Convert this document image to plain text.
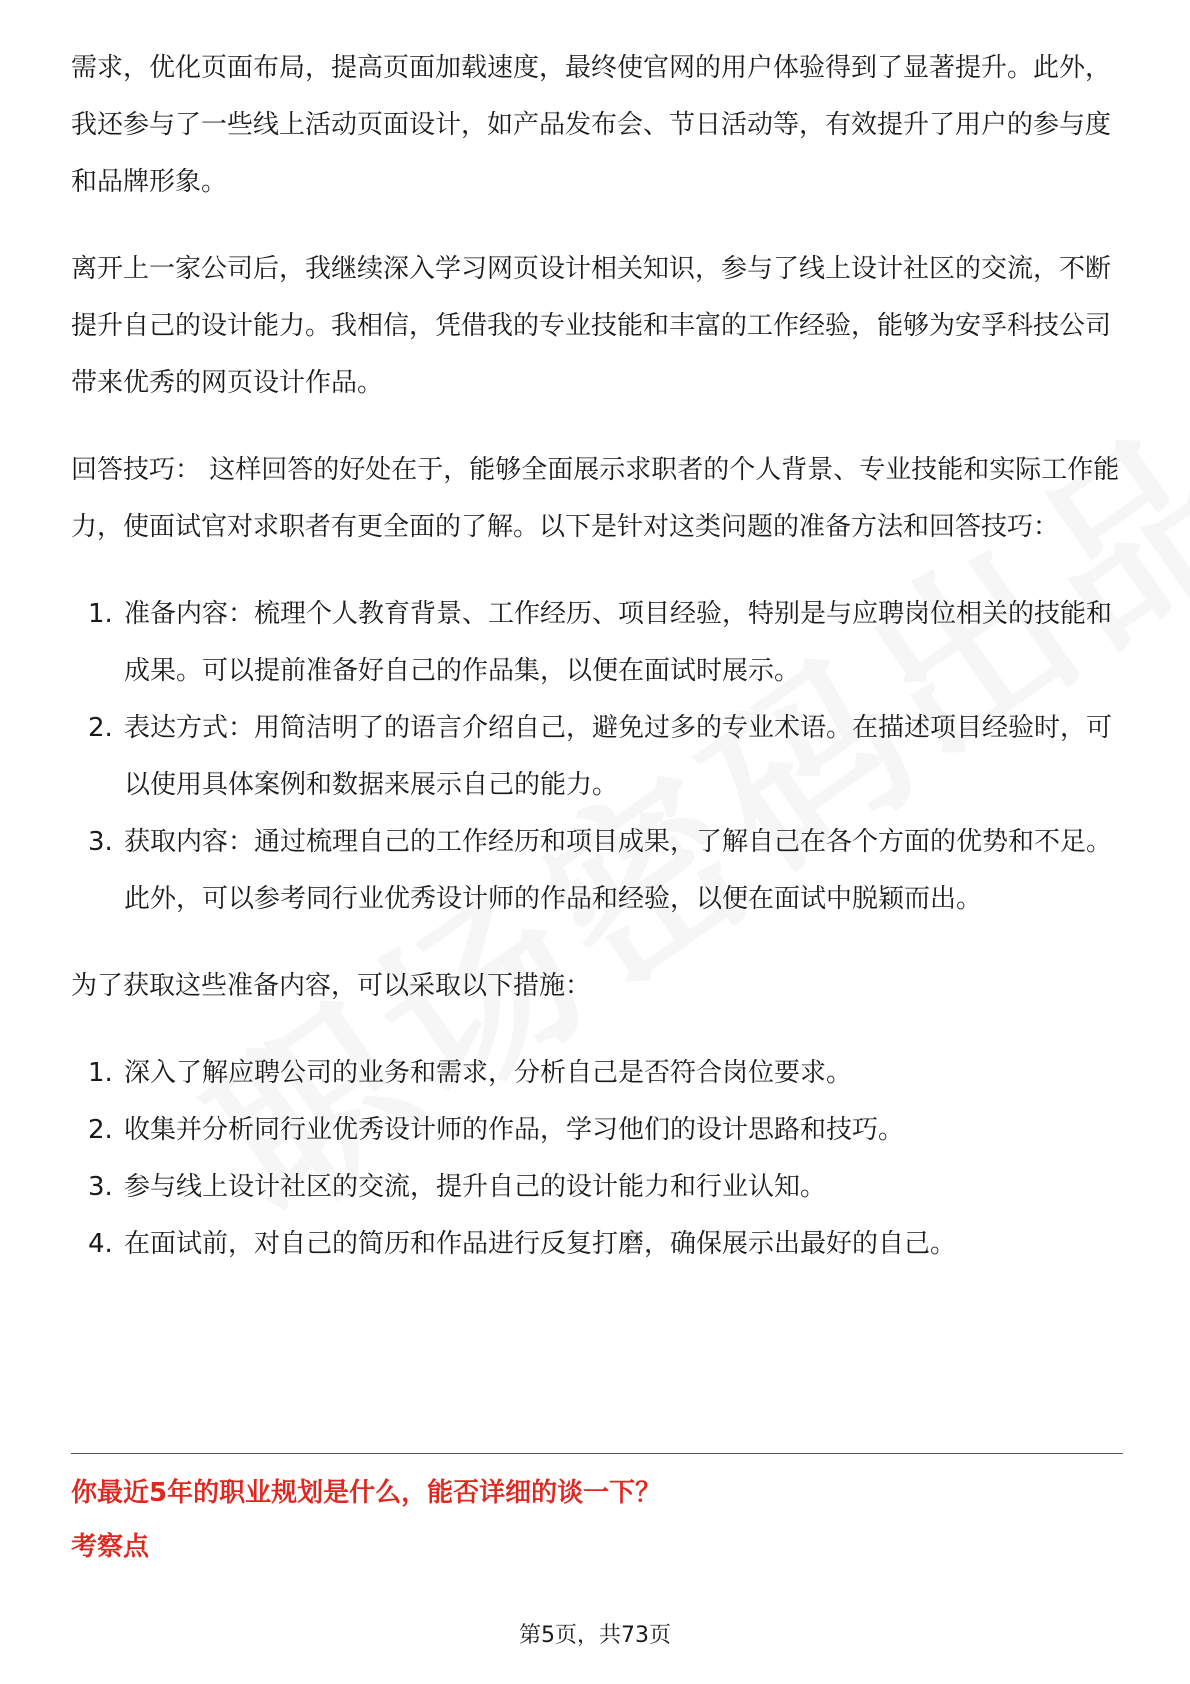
需求，优化页面布局，提高页面加载速度，最终使官网的用户体验得到了显著提升。此外，我还参与了一些线上活动页面设计，如产品发布会、节日活动等，有效提升了用户的参与度和品牌形象。

离开上一家公司后，我继续深入学习网页设计相关知识，参与了线上设计社区的交流，不断提升自己的设计能力。我相信，凭借我的专业技能和丰富的工作经验，能够为安孚科技公司带来优秀的网页设计作品。

回答技巧： 这样回答的好处在于，能够全面展示求职者的个人背景、专业技能和实际工作能力，使面试官对求职者有更全面的了解。以下是针对这类问题的准备方法和回答技巧：

1. 准备内容：梳理个人教育背景、工作经历、项目经验，特别是与应聘岗位相关的技能和成果。可以提前准备好自己的作品集，以便在面试时展示。
2. 表达方式：用简洁明了的语言介绍自己，避免过多的专业术语。在描述项目经验时，可以使用具体案例和数据来展示自己的能力。
3. 获取内容：通过梳理自己的工作经历和项目成果，了解自己在各个方面的优势和不足。此外，可以参考同行业优秀设计师的作品和经验，以便在面试中脱颖而出。

为了获取这些准备内容，可以采取以下措施：

1. 深入了解应聘公司的业务和需求，分析自己是否符合岗位要求。
2. 收集并分析同行业优秀设计师的作品，学习他们的设计思路和技巧。
3. 参与线上设计社区的交流，提升自己的设计能力和行业认知。
4. 在面试前，对自己的简历和作品进行反复打磨，确保展示出最好的自己。
你最近5年的职业规划是什么，能否详细的谈一下？
考察点
第5页，共73页
